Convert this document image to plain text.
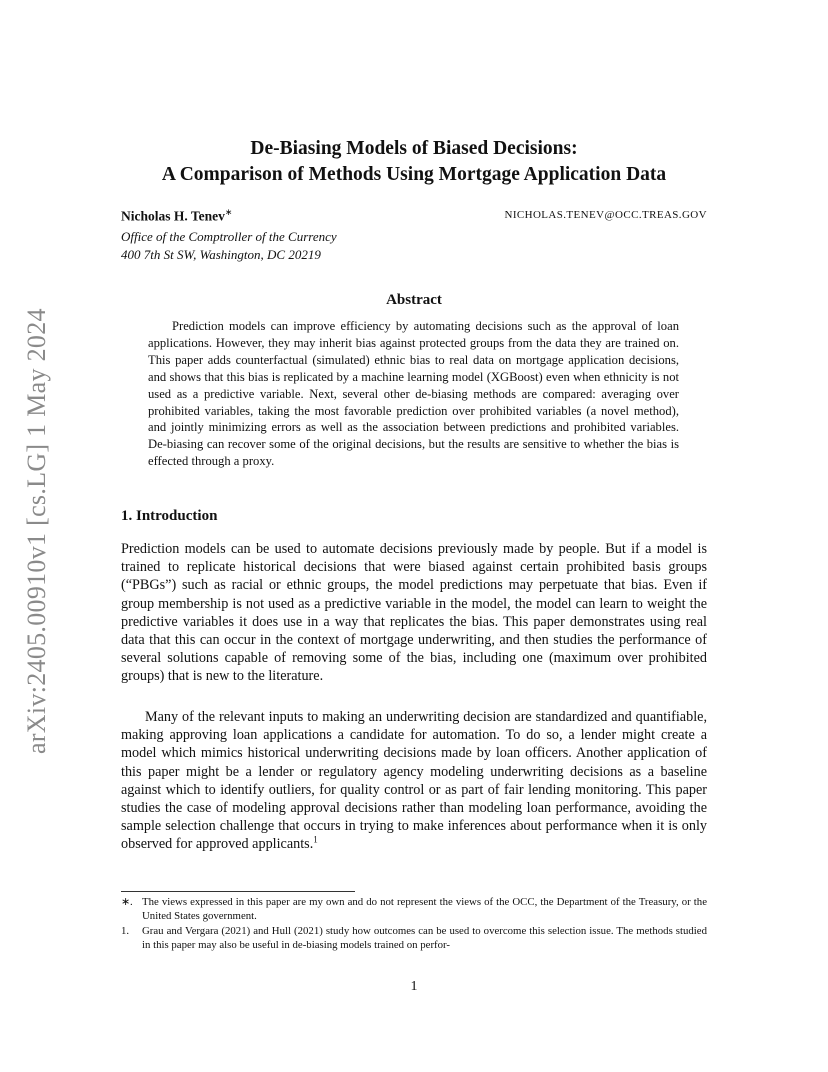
arXiv:2405.00910v1 [cs.LG] 1 May 2024
De-Biasing Models of Biased Decisions:
A Comparison of Methods Using Mortgage Application Data
Nicholas H. Tenev∗	NICHOLAS.TENEV@OCC.TREAS.GOV
Office of the Comptroller of the Currency
400 7th St SW, Washington, DC 20219
Abstract

Prediction models can improve efficiency by automating decisions such as the approval of loan applications. However, they may inherit bias against protected groups from the data they are trained on. This paper adds counterfactual (simulated) ethnic bias to real data on mortgage application decisions, and shows that this bias is replicated by a machine learning model (XGBoost) even when ethnicity is not used as a predictive variable. Next, several other de-biasing methods are compared: averaging over prohibited variables, taking the most favorable prediction over prohibited variables (a novel method), and jointly minimizing errors as well as the association between predictions and prohibited variables. De-biasing can recover some of the original decisions, but the results are sensitive to whether the bias is effected through a proxy.

1. Introduction

Prediction models can be used to automate decisions previously made by people. But if a model is trained to replicate historical decisions that were biased against certain prohibited basis groups (“PBGs”) such as racial or ethnic groups, the model predictions may perpetuate that bias. Even if group membership is not used as a predictive variable in the model, the model can learn to weight the predictive variables it does use in a way that replicates the bias. This paper demonstrates using real data that this can occur in the context of mortgage underwriting, and then studies the performance of several solutions capable of removing some of the bias, including one (maximum over prohibited groups) that is new to the literature.

Many of the relevant inputs to making an underwriting decision are standardized and quantifiable, making approving loan applications a candidate for automation. To do so, a lender might create a model which mimics historical underwriting decisions made by loan officers. Another application of this paper might be a lender or regulatory agency modeling underwriting decisions as a baseline against which to identify outliers, for quality control or as part of fair lending monitoring. This paper studies the case of modeling approval decisions rather than modeling loan performance, avoiding the sample selection challenge that occurs in trying to make inferences about performance when it is only observed for approved applicants.$^1$

∗. The views expressed in this paper are my own and do not represent the views of the OCC, the Department of the Treasury, or the United States government.
1. Grau and Vergara (2021) and Hull (2021) study how outcomes can be used to overcome this selection issue. The methods studied in this paper may also be useful in de-biasing models trained on perfor-
1
